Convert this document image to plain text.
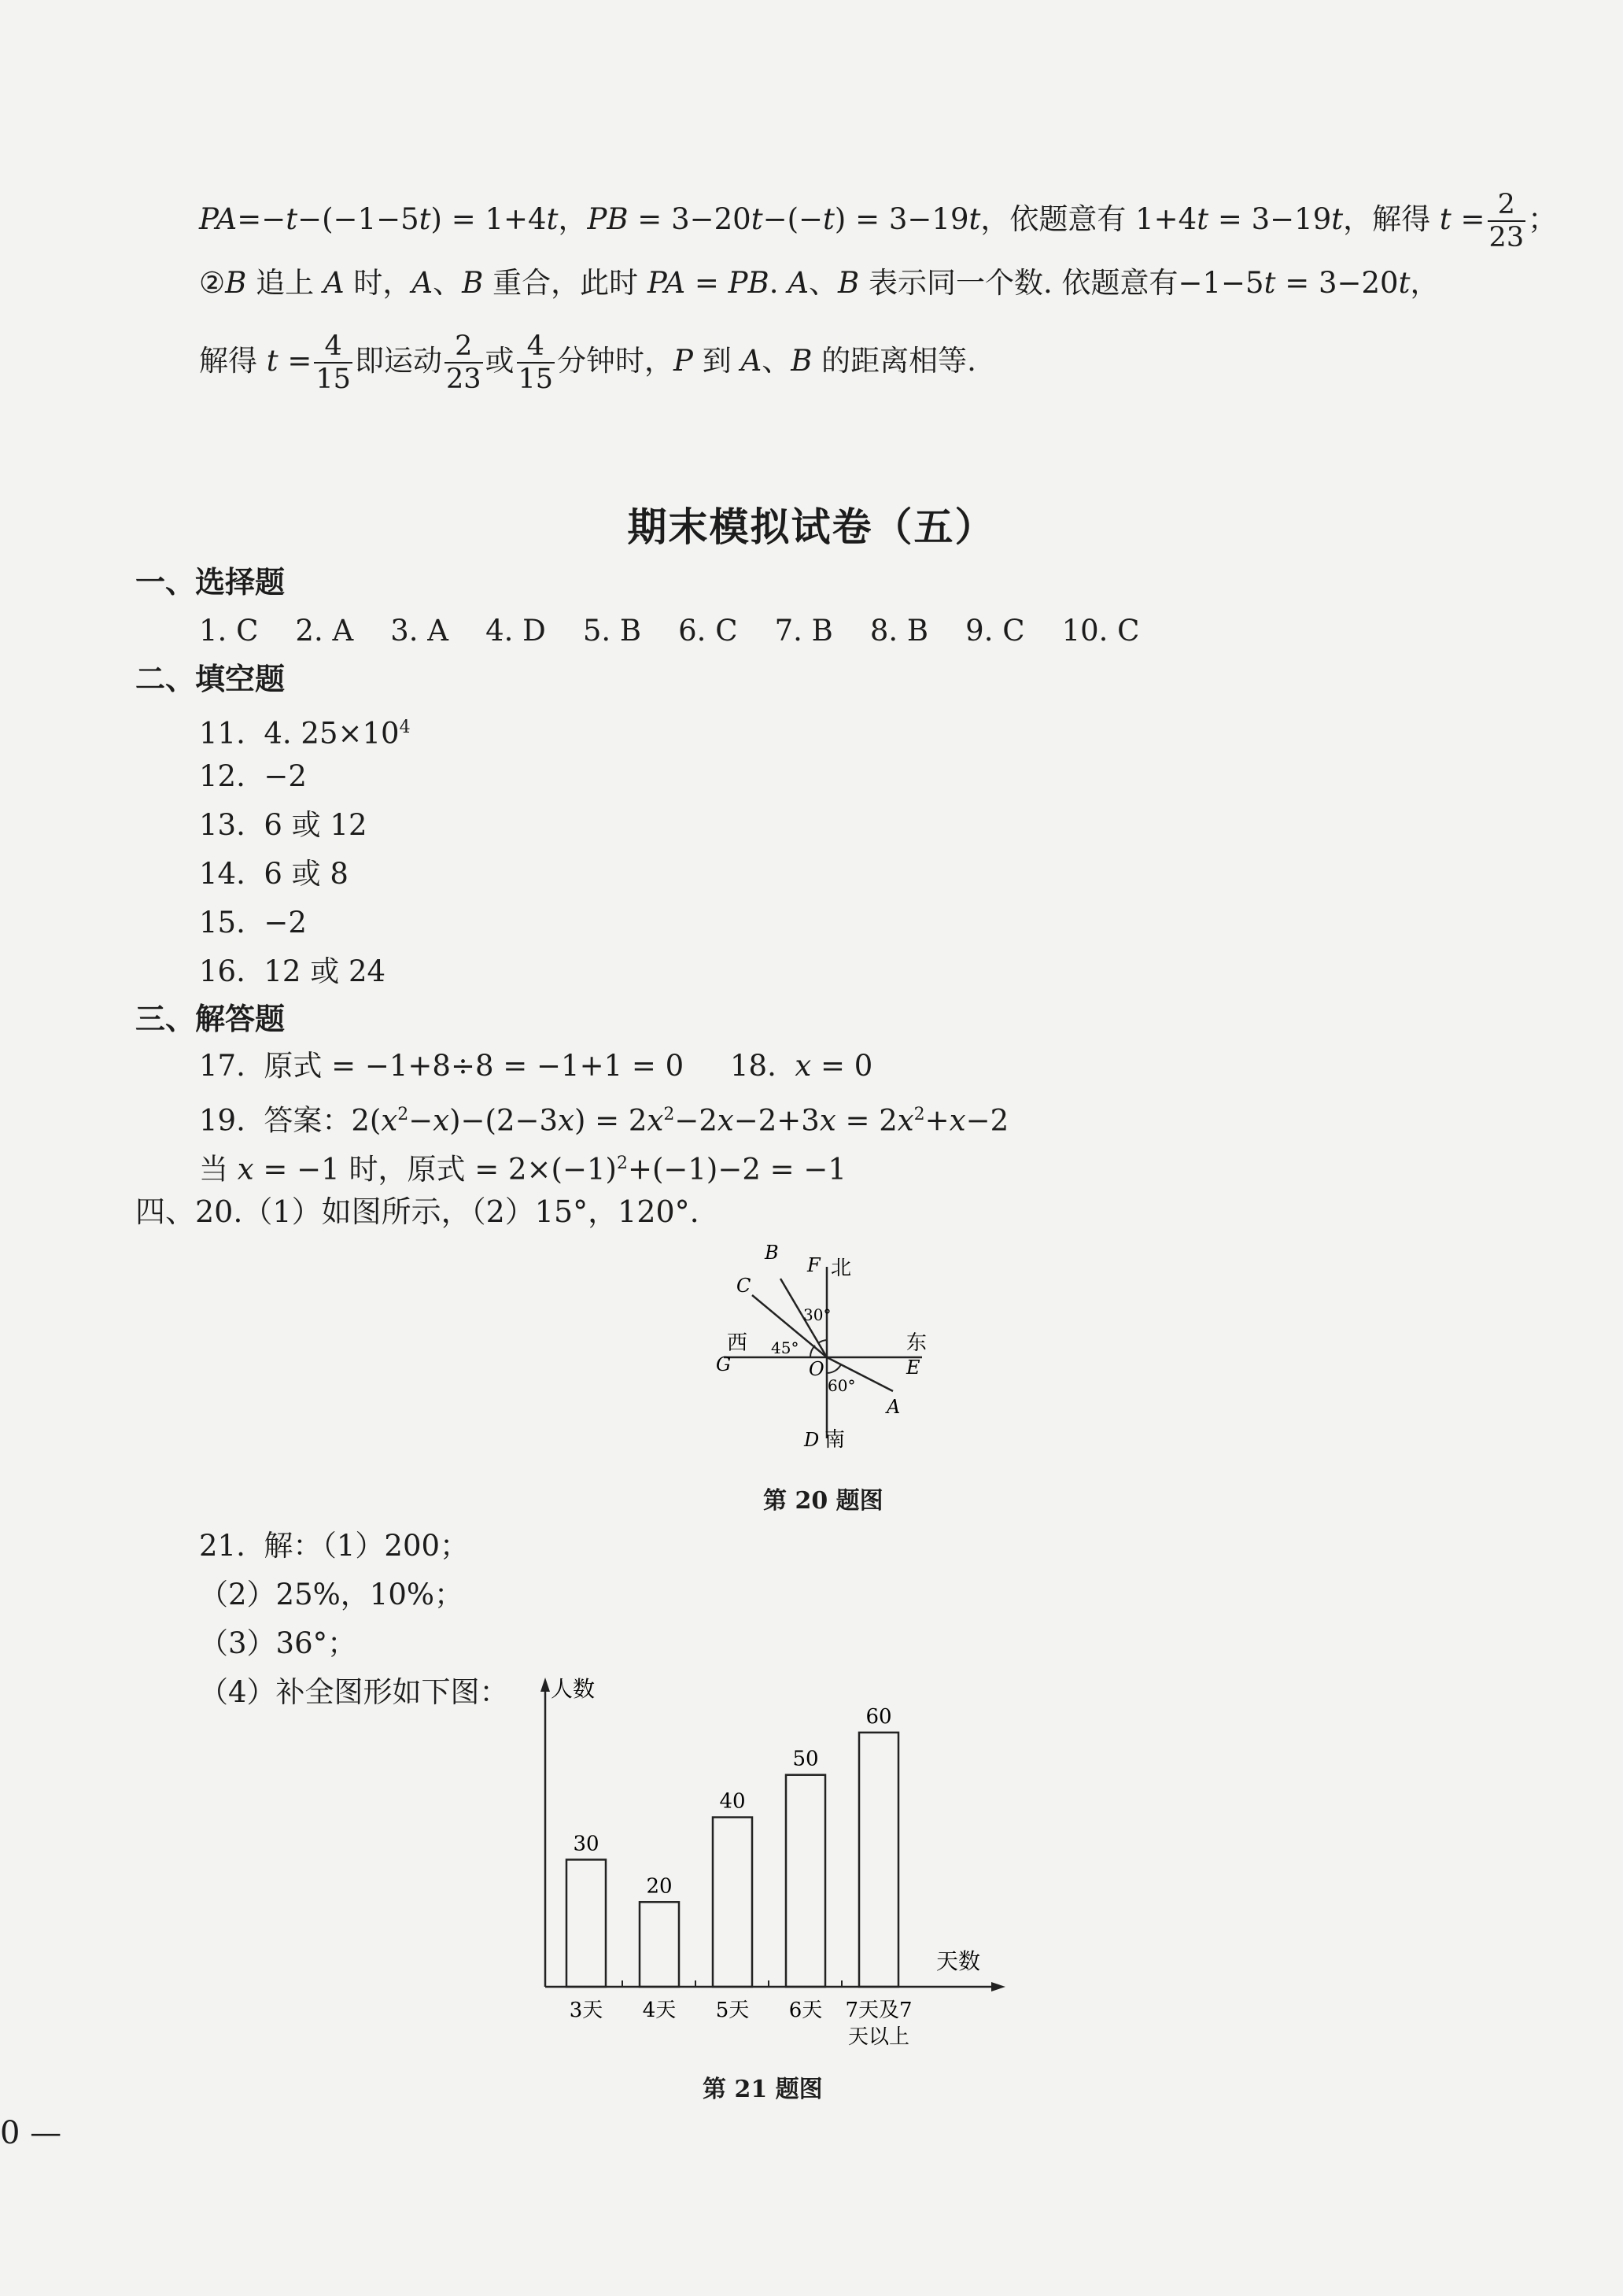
PA=−t−(−1−5t) = 1+4t，PB = 3−20t−(−t) = 3−19t，依题意有 1+4t = 3−19t，解得 $t = \frac{2}{23}$ ；
②B 追上 A 时，A、B 重合，此时 PA = PB. A、B 表示同一个数. 依题意有−1−5t = 3−20t，
解得 $t = \frac{4}{15}$ 即运动 $\frac{2}{23}$ 或 $\frac{4}{15}$ 分钟时，P 到 A、B 的距离相等.
期末模拟试卷（五）
一、选择题
1. C    2. A    3. A    4. D    5. B    6. C    7. B    8. B    9. C    10. C
二、填空题
11.  4. $25\times 10^4$
12.  −2
13.  6 或 12
14.  6 或 8
15.  −2
16.  12 或 24
三、解答题
17.  原式 = −1+8÷8 = −1+1 = 0     18.  x = 0
19.  答案：$2(x^2-x)-(2-3x) = 2x^2-2x-2+3x = 2x^2+x-2$
当 x = −1 时，原式 = $2\times(-1)^2+(-1)-2 = -1$
四、20.（1）如图所示，（2）15°，120°.
B
F 北
C
30°
西 45°	东
G	O	E
60°
A
D 南
第 20 题图
21.  解：（1）200；
（2）25%，10%；
（3）36°；
（4）补全图形如下图： 人数
天数
30
3天
20
4天
40
5天
50
6天
60
7天及7
天以上
第 21 题图
0 —
